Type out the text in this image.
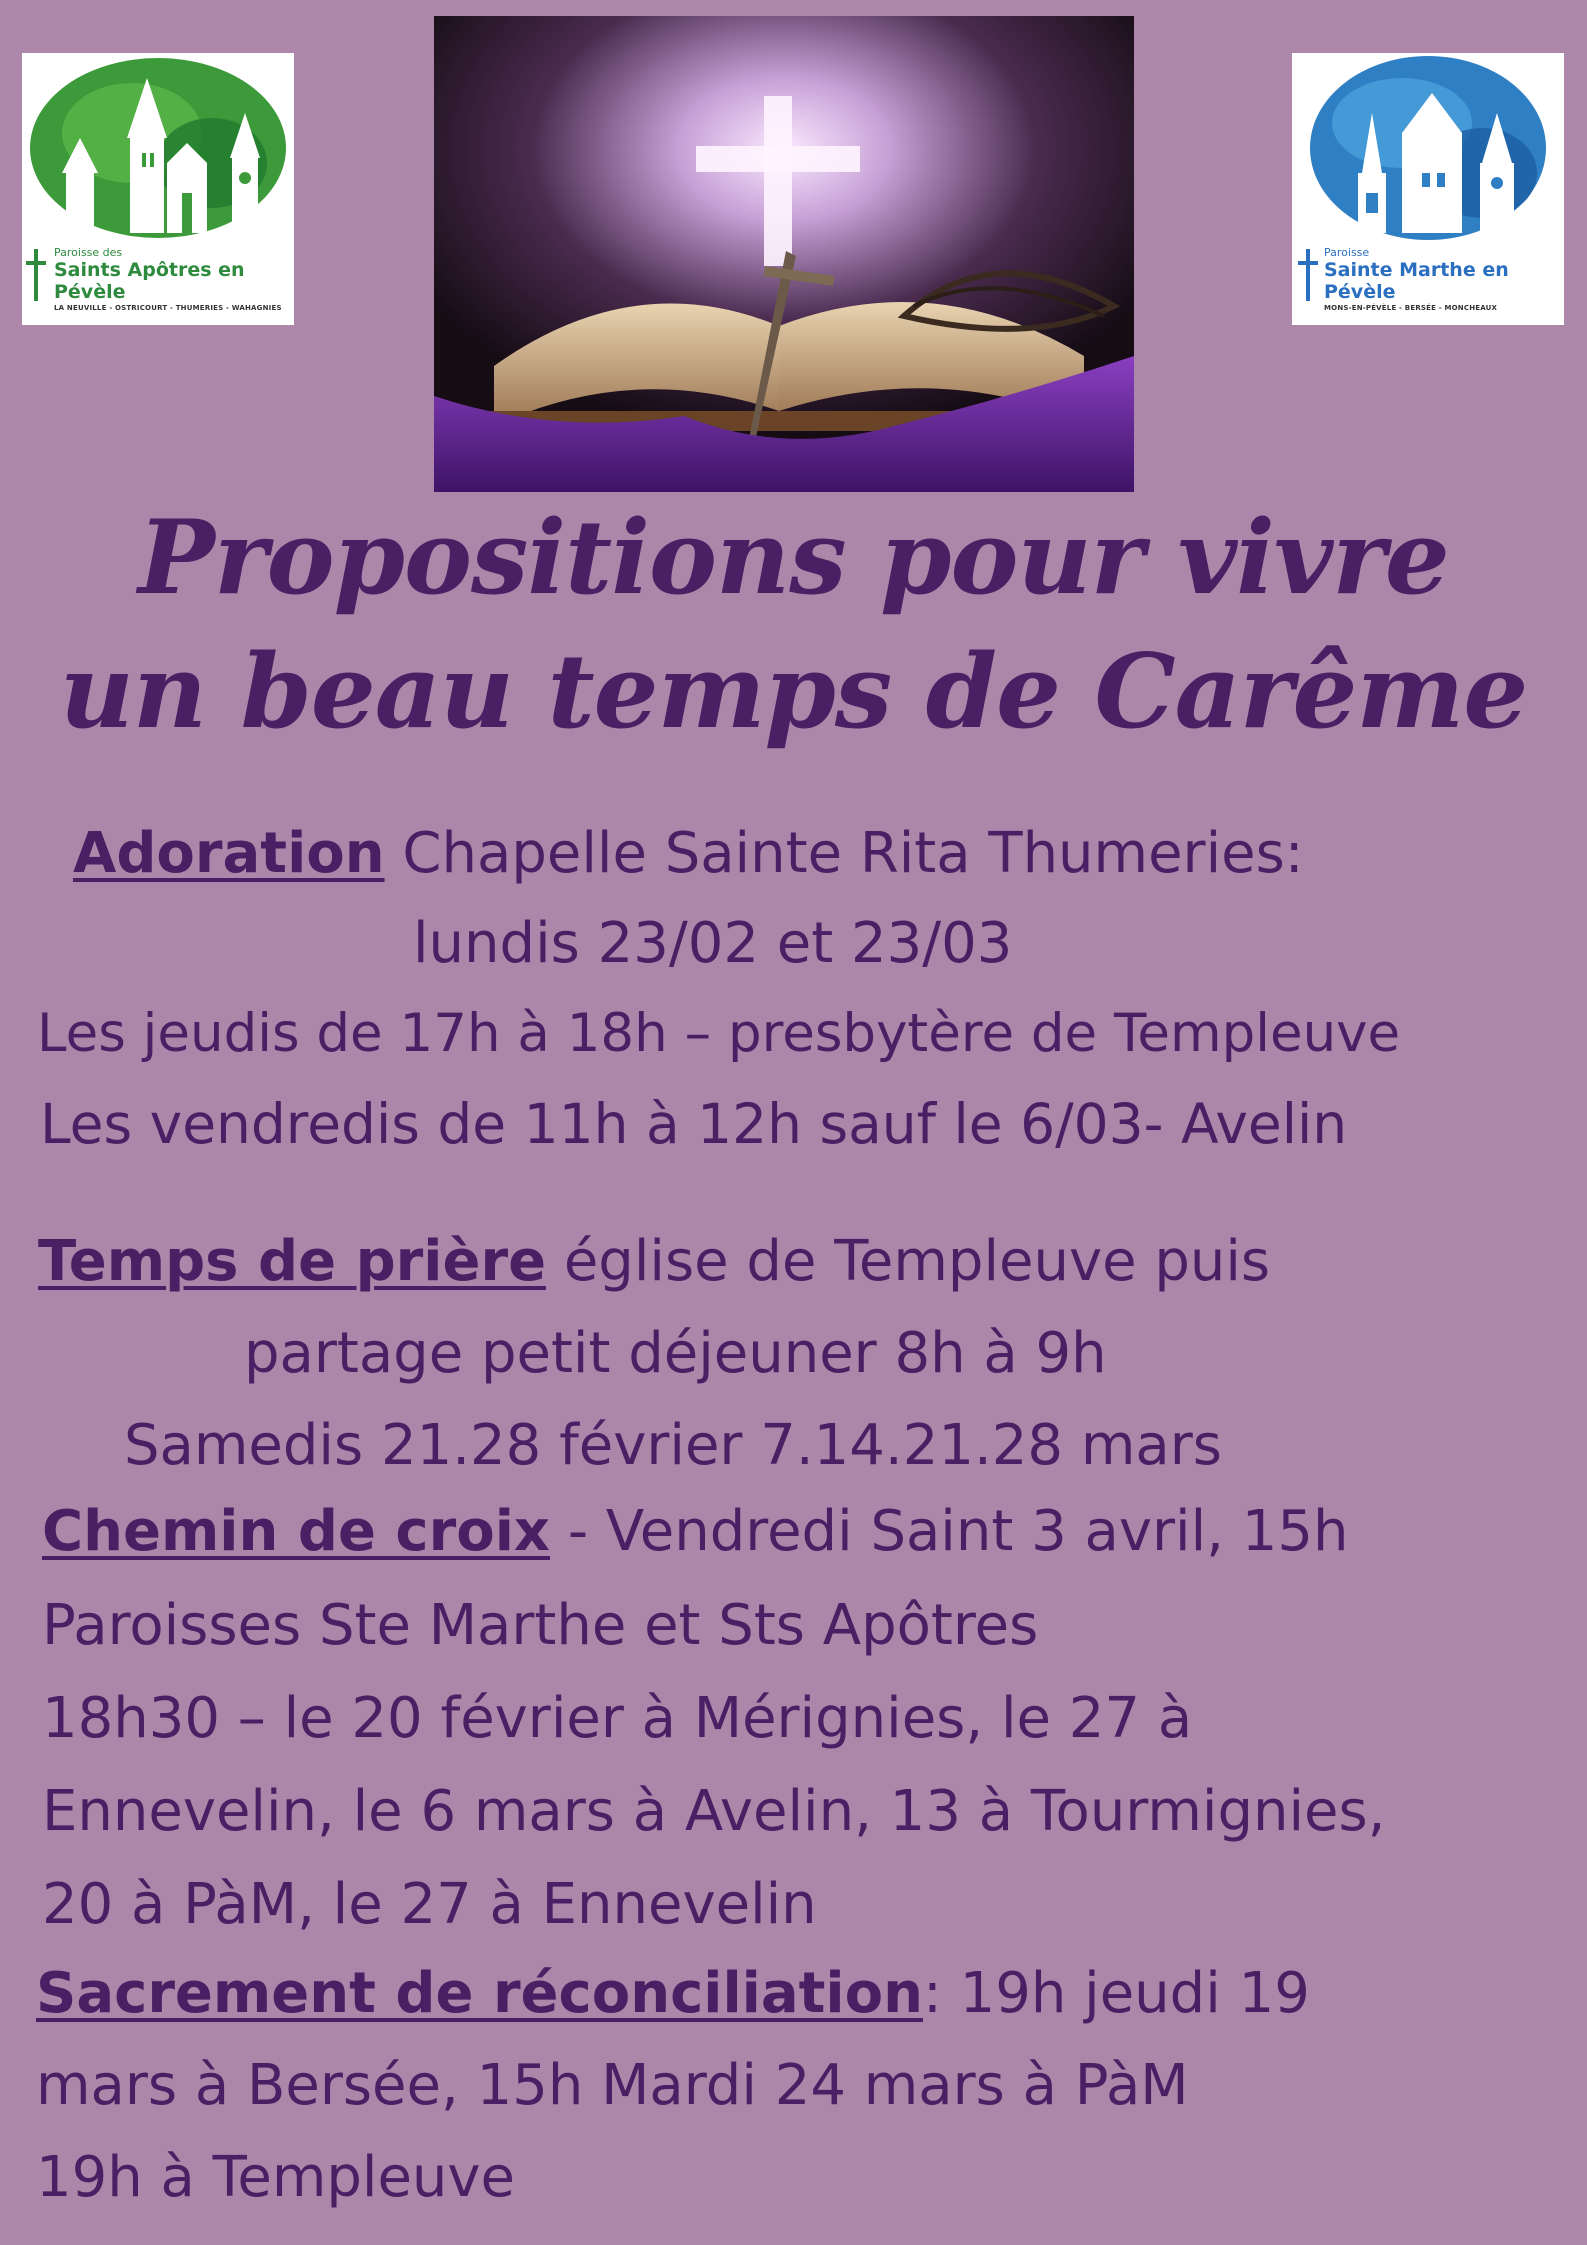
Paroisse des
Saints Apôtres en Pévèle
LA NEUVILLE - OSTRICOURT - THUMERIES - WAHAGNIES
Paroisse
Sainte Marthe en Pévèle
MONS-EN-PÉVÈLE - BERSÉE - MONCHEAUX
Propositions pour vivre
un beau temps de Carême
Adoration Chapelle Sainte Rita Thumeries:
lundis 23/02 et 23/03
Les jeudis de 17h à 18h – presbytère de Templeuve
Les vendredis de 11h à 12h sauf le 6/03- Avelin
Temps de prière église de Templeuve puis
partage petit déjeuner 8h à 9h
Samedis 21.28 février 7.14.21.28 mars
Chemin de croix - Vendredi Saint 3 avril, 15h
Paroisses Ste Marthe et Sts Apôtres
18h30 – le 20 février à Mérignies, le 27 à
Ennevelin, le 6 mars à Avelin, 13 à Tourmignies,
20 à PàM, le 27 à Ennevelin
Sacrement de réconciliation: 19h jeudi 19
mars à Bersée, 15h Mardi 24 mars à PàM
19h à Templeuve
